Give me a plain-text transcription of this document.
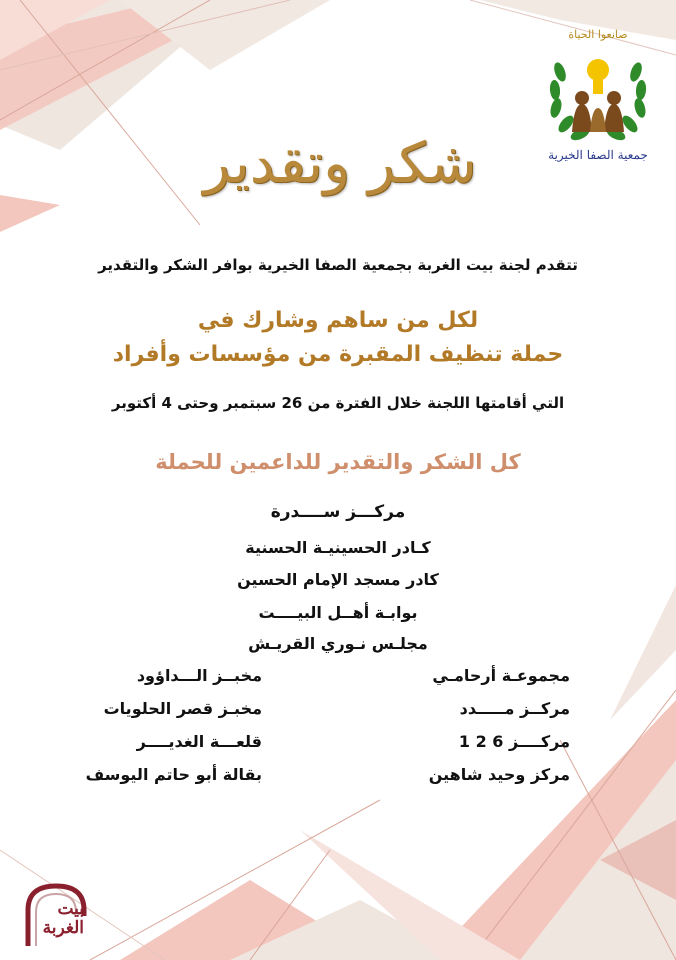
صانعوا الحياة
جمعية الصفا الخيرية
شكر وتقدير
تتقدم لجنة بيت الغربة بجمعية الصفا الخيرية بوافر الشكر والتقدير
لكل من ساهم وشارك في
حملة تنظيف المقبرة من مؤسسات وأفراد
التي أقامتها اللجنة خلال الفترة من 26 سبتمبر وحتى 4 أكتوبر
كل الشكر والتقدير للداعمين للحملة
مركـــز ســــدرة
كـادر الحسينيـة الحسنية
كادر مسجد الإمام الحسين
بوابـة أهــل البيــــت
مجلـس نـوري القريـش
مجموعـة أرحامـي
مركــز مـــــدد
مركــــز 6 2 1
مركز وحيد شاهين
مخبــز الـــداؤود
مخبـز قصر الحلويات
قلعـــة الغديــــر
بقالة أبو حاتم اليوسف
بيت الغربة
